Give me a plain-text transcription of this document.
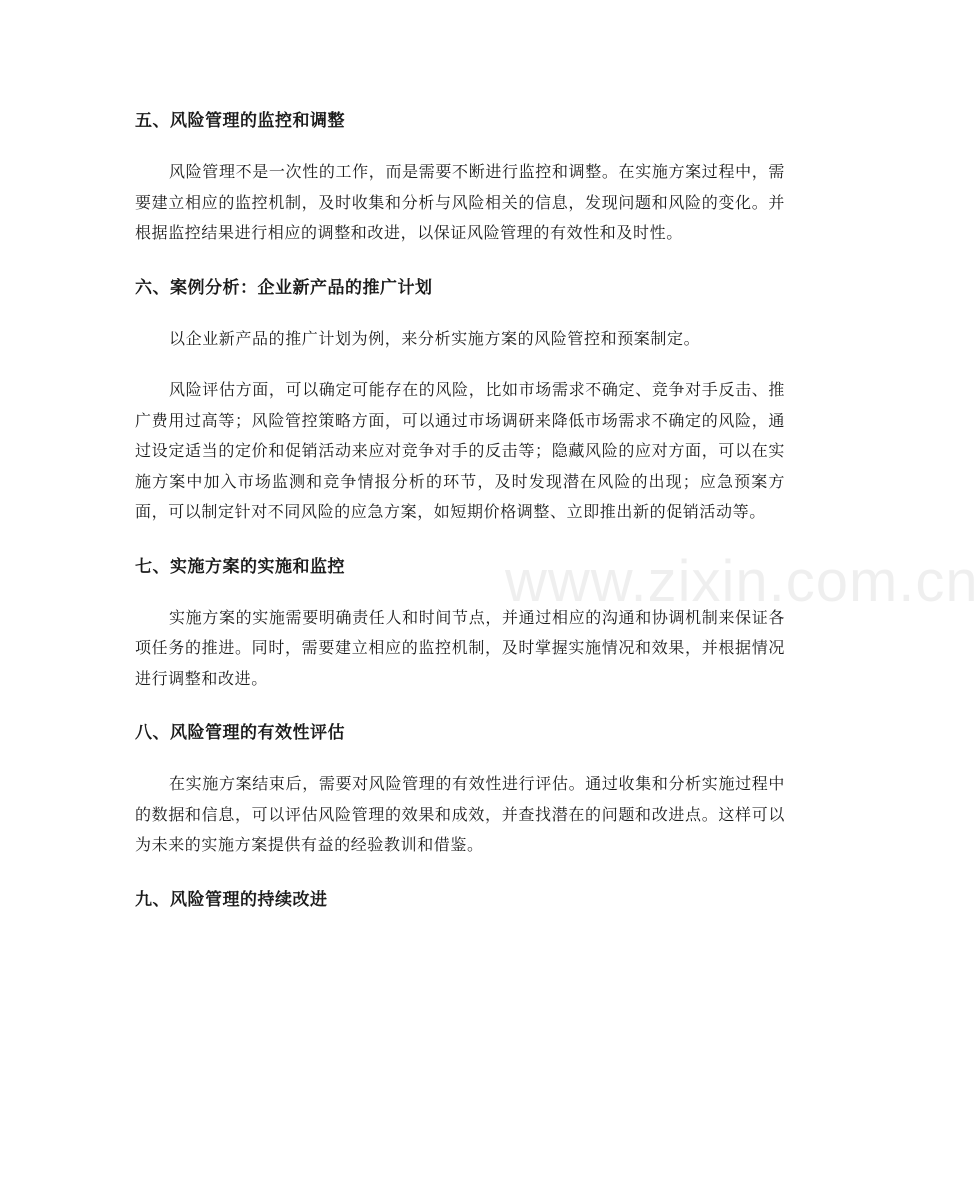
五、风险管理的监控和调整

风险管理不是一次性的工作，而是需要不断进行监控和调整。在实施方案过程中，需要建立相应的监控机制，及时收集和分析与风险相关的信息，发现问题和风险的变化。并根据监控结果进行相应的调整和改进，以保证风险管理的有效性和及时性。

六、案例分析：企业新产品的推广计划

以企业新产品的推广计划为例，来分析实施方案的风险管控和预案制定。

风险评估方面，可以确定可能存在的风险，比如市场需求不确定、竞争对手反击、推广费用过高等；风险管控策略方面，可以通过市场调研来降低市场需求不确定的风险，通过设定适当的定价和促销活动来应对竞争对手的反击等；隐藏风险的应对方面，可以在实施方案中加入市场监测和竞争情报分析的环节，及时发现潜在风险的出现；应急预案方面，可以制定针对不同风险的应急方案，如短期价格调整、立即推出新的促销活动等。

七、实施方案的实施和监控

实施方案的实施需要明确责任人和时间节点，并通过相应的沟通和协调机制来保证各项任务的推进。同时，需要建立相应的监控机制，及时掌握实施情况和效果，并根据情况进行调整和改进。

八、风险管理的有效性评估

在实施方案结束后，需要对风险管理的有效性进行评估。通过收集和分析实施过程中的数据和信息，可以评估风险管理的效果和成效，并查找潜在的问题和改进点。这样可以为未来的实施方案提供有益的经验教训和借鉴。

九、风险管理的持续改进
www.zixin.com.cn
